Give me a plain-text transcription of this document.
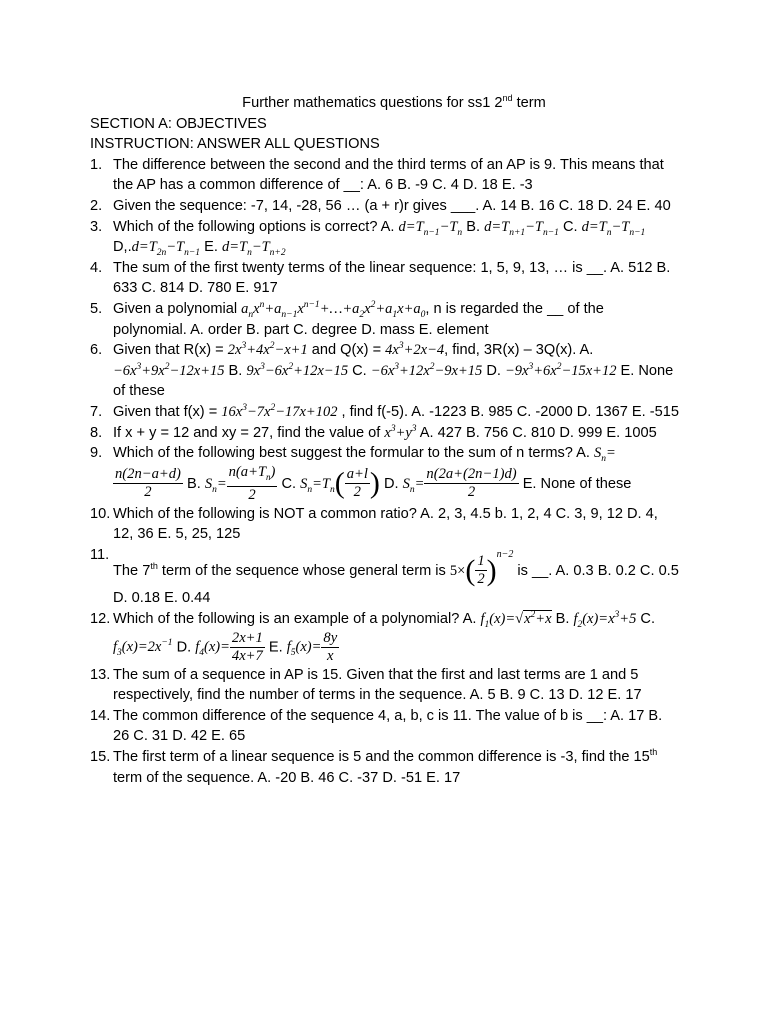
Further mathematics questions for ss1 2nd term
SECTION A: OBJECTIVES
INSTRUCTION: ANSWER ALL QUESTIONS
1. The difference between the second and the third terms of an AP is 9. This means that the AP has a common difference of __: A. 6 B. -9 C. 4 D. 18 E. -3
2. Given the sequence: -7, 14, -28, 56 … (a + r)r gives ___. A. 14 B. 16 C. 18 D. 24 E. 40
3. Which of the following options is correct? A. $d=T_{n-1}-T_n$ B. $d=T_{n+1}-T_{n-1}$ C. $d=T_n-T_{n-1}$ $D,.d=T_{2n}-T_{n-1}$ E. $d=T_n-T_{n+2}$
4. The sum of the first twenty terms of the linear sequence: 1, 5, 9, 13, … is __. A. 512 B. 633 C. 814 D. 780 E. 917
5. Given a polynomial $a_nx^n+a_{n-1}x^{n-1}+\dots+a_2x^2+a_1x+a_0$, n is regarded the __ of the polynomial. A. order B. part C. degree D. mass E. element
6. Given that $R(x) = 2x^3+4x^2-x+1$ and $Q(x) = 4x^3+2x-4$, find, 3R(x) – 3Q(x). A. $-6x^3+9x^2-12x+15$ B. $9x^3-6x^2+12x-15$ C. $-6x^3+12x^2-9x+15$ D. $-9x^3+6x^2-15x+12$ E. None of these
7. Given that $f(x) = 16x^3-7x^2-17x+102$ , find f(-5). A. -1223 B. 985 C. -2000 D. 1367 E. -515
8. If x + y = 12 and xy = 27, find the value of $x^3+y^3$ A. 427 B. 756 C. 810 D. 999 E. 1005
9. Which of the following best suggest the formular to the sum of n terms? A. $S_n=$
$\frac{n(2n-a+d)}{2} B$. $S_n= \frac{n(a+T_n)}{2} C$. $S_n=T_n( \frac{a+l}{2}$ ) D. $S_n= \frac{n(2a+(2n-1)d)}{2} E$. None of these
10. Which of the following is NOT a common ratio? A. 2, 3, 4.5 b. 1, 2, 4 C. 3, 9, 12 D. 4, 12, 36 E. 5, 25, 125
11.
The 7th term of the sequence whose general term is $5\times( \frac{1}{2} )^{n-2}$ is __. A. 0.3 B. 0.2 C. 0.5 D. 0.18 E. 0.44
12. Which of the following is an example of a polynomial? A. $f_1(x)=√x^2+x$ B. $f_2(x)=x^3+5$ C. $f_3(x)=2x^{-1}$ D. $f_4(x)= \frac{2x+1}{4x+7} E$. $f_5(x)= \frac{8y}{x}$
13. The sum of a sequence in AP is 15. Given that the first and last terms are 1 and 5 respectively, find the number of terms in the sequence. A. 5 B. 9 C. 13 D. 12 E. 17
14. The common difference of the sequence 4, a, b, c is 11. The value of b is __: A. 17 B. 26 C. 31 D. 42 E. 65
15. The first term of a linear sequence is 5 and the common difference is -3, find the 15th term of the sequence. A. -20 B. 46 C. -37 D. -51 E. 17
